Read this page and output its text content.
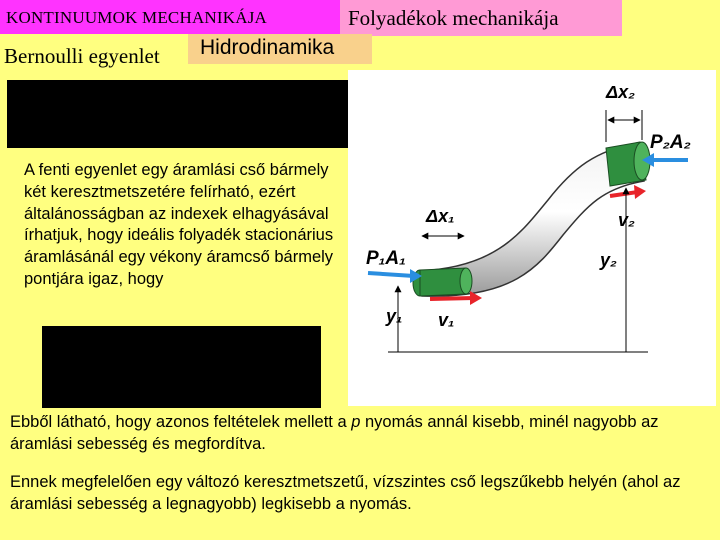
KONTINUUMOK MECHANIKÁJA	Folyadékok mechanikája
Bernoulli egyenlet Hidrodinamika
A fenti egyenlet egy áramlási cső bármely két keresztmetszetére felírható, ezért általánosságban az indexek elhagyásával írhatjuk, hogy ideális folyadék stacionárius áramlásánál egy vékony áramcső bármely pontjára igaz, hogy
Ebből látható, hogy azonos feltételek mellett a p nyomás annál kisebb, minél nagyobb az áramlási sebesség és megfordítva.
Ennek megfelelően egy változó keresztmetszetű, vízszintes cső legszűkebb helyén (ahol az áramlási sebesség a legnagyobb) legkisebb a nyomás.
Δx₂
P₂A₂
v₂
y₂
Δx₁
P₁A₁
y₁ v₁
